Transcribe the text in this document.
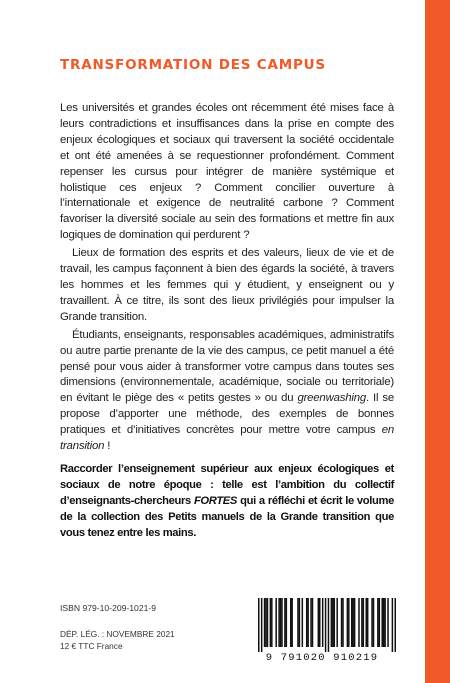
TRANSFORMATION DES CAMPUS

Les universités et grandes écoles ont récemment été mises face à leurs contradictions et insuffisances dans la prise en compte des enjeux écologiques et sociaux qui traversent la société occidentale et ont été amenées à se requestionner profondément. Comment repenser les cursus pour intégrer de manière systémique et holistique ces enjeux ? Comment concilier ouverture à l’internationale et exigence de neutralité carbone ? Comment favoriser la diversité sociale au sein des formations et mettre fin aux logiques de domination qui perdurent ?

Lieux de formation des esprits et des valeurs, lieux de vie et de travail, les campus façonnent à bien des égards la société, à travers les hommes et les femmes qui y étudient, y enseignent ou y travaillent. À ce titre, ils sont des lieux privilégiés pour impulser la Grande transition.

Étudiants, enseignants, responsables académiques, administratifs ou autre partie prenante de la vie des campus, ce petit manuel a été pensé pour vous aider à transformer votre campus dans toutes ses dimensions (environnementale, académique, sociale ou territoriale) en évitant le piège des « petits gestes » ou du greenwashing. Il se propose d’apporter une méthode, des exemples de bonnes pratiques et d’initiatives concrètes pour mettre votre campus en transition !

Raccorder l’enseignement supérieur aux enjeux écologiques et sociaux de notre époque : telle est l’ambition du collectif d’enseignants-chercheurs FORTES qui a réfléchi et écrit le volume de la collection des Petits manuels de la Grande transition que vous tenez entre les mains.

ISBN 979-10-209-1021-9
DÉP. LÉG. : NOVEMBRE 2021
12 € TTC France
9 791020 910219
